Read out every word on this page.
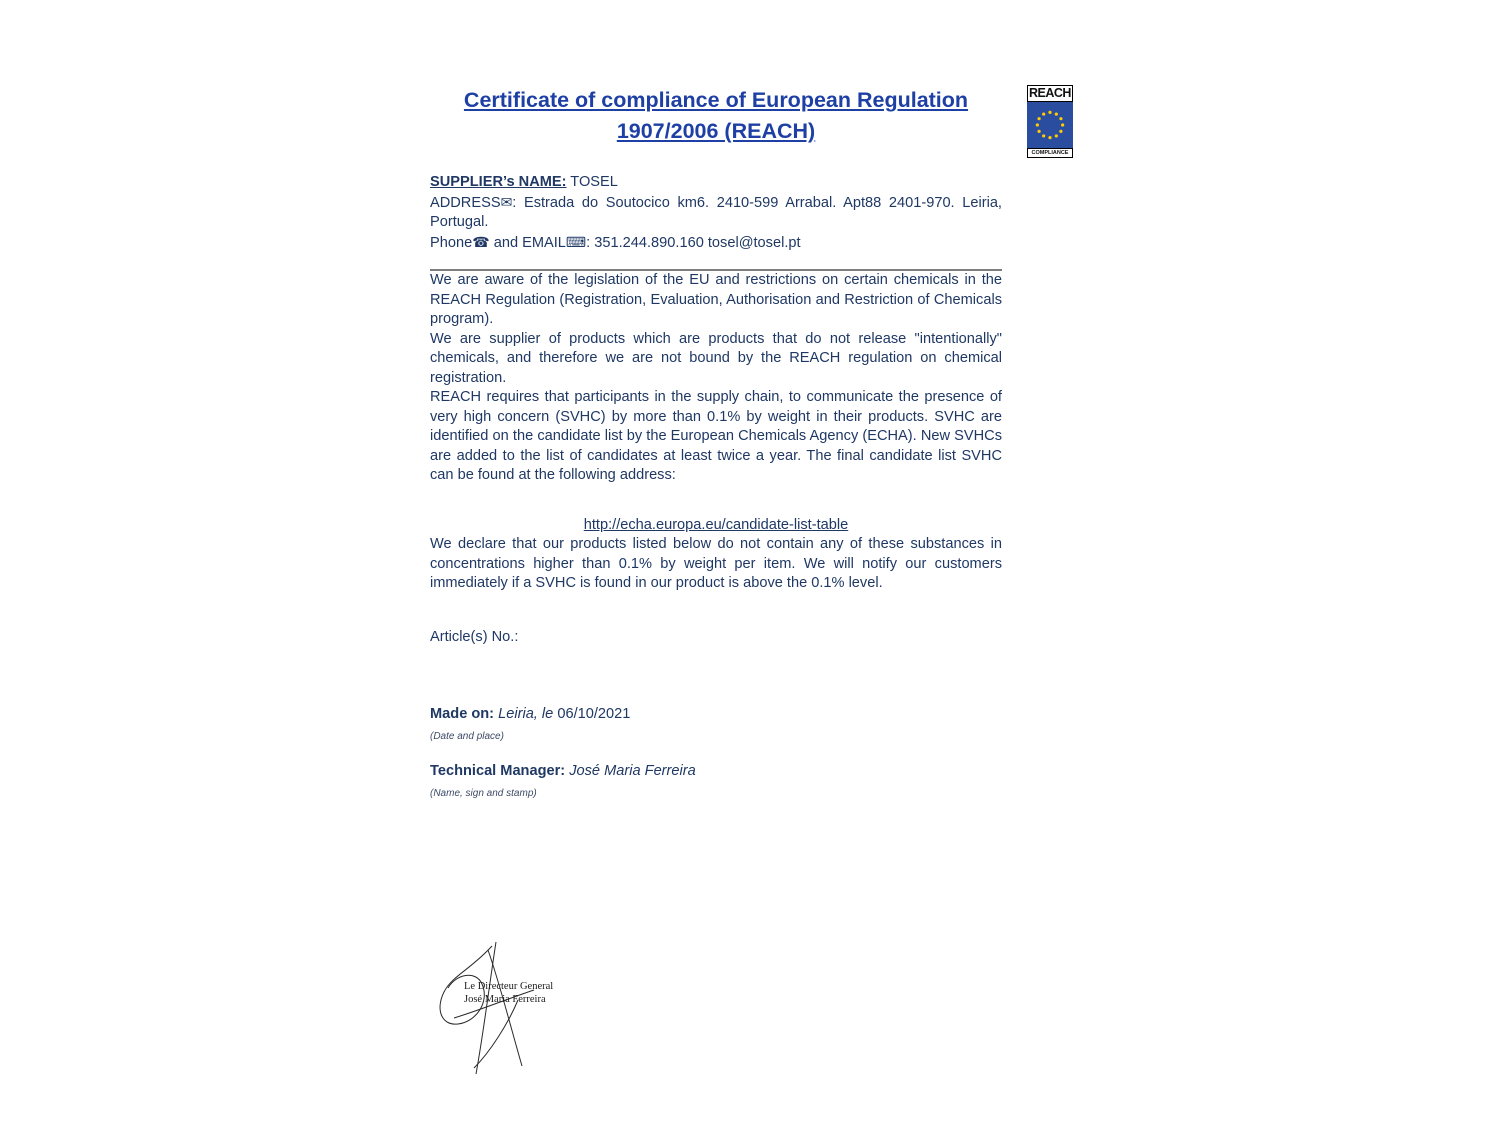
Certificate of compliance of European Regulation
1907/2006 (REACH)
SUPPLIER’s NAME: TOSEL
ADDRESS✉: Estrada do Soutocico km6. 2410-599 Arrabal. Apt88 2401-970. Leiria, Portugal.
Phone☎ and EMAIL⌨: 351.244.890.160 tosel@tosel.pt

We are aware of the legislation of the EU and restrictions on certain chemicals in the REACH Regulation (Registration, Evaluation, Authorisation and Restriction of Chemicals program).

We are supplier of products which are products that do not release "intentionally" chemicals, and therefore we are not bound by the REACH regulation on chemical registration.

REACH requires that participants in the supply chain, to communicate the presence of very high concern (SVHC) by more than 0.1% by weight in their products. SVHC are identified on the candidate list by the European Chemicals Agency (ECHA). New SVHCs are added to the list of candidates at least twice a year. The final candidate list SVHC can be found at the following address:

http://echa.europa.eu/candidate-list-table

We declare that our products listed below do not contain any of these substances in concentrations higher than 0.1% by weight per item. We will notify our customers immediately if a SVHC is found in our product is above the 0.1% level.

Article(s) No.:
Made on: Leiria, le 06/10/2021
(Date and place)
Technical Manager: José Maria Ferreira
(Name, sign and stamp)
REACH
COMPLIANCE
Le Directeur General
José Maria Ferreira
